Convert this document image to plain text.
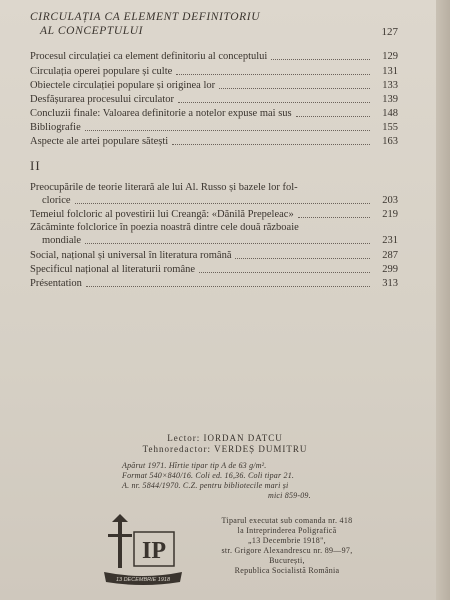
CIRCULAȚIA CA ELEMENT DEFINITORIU
AL CONCEPTULUI	127
Procesul circulației ca element definitoriu al conceptului	129
Circulația operei populare și culte	131
Obiectele circulației populare și originea lor	133
Desfășurarea procesului circulator	139
Concluzii finale: Valoarea definitorie a notelor expuse mai sus	148
Bibliografie	155
Aspecte ale artei populare sătești	163
II
Preocupările de teorie literară ale lui Al. Russo și bazele lor fol-
clorice	203
Temeiul folcloric al povestirii lui Creangă: «Dănilă Prepeleac»	219
Zăcăminte folclorice în poezia noastră dintre cele două războaie
mondiale	231
Social, național și universal în literatura română	287
Specificul național al literaturii române	299
Présentation	313
Lector: IORDAN DATCU
Tehnoredactor: VERDEȘ DUMITRU
Apărut 1971. Hîrtie tipar tip A de 63 g/m².
Format 540×840/16. Coli ed. 16,36. Coli tipar 21.
A. nr. 5844/1970. C.Z. pentru bibliotecile mari și
mici 859-09.
IP
13 DECEMBRIE 1918
Tiparul executat sub comanda nr. 418
la Intreprinderea Poligrafică
„13 Decembrie 1918",
str. Grigore Alexandrescu nr. 89—97,
București,
Republica Socialistă România
